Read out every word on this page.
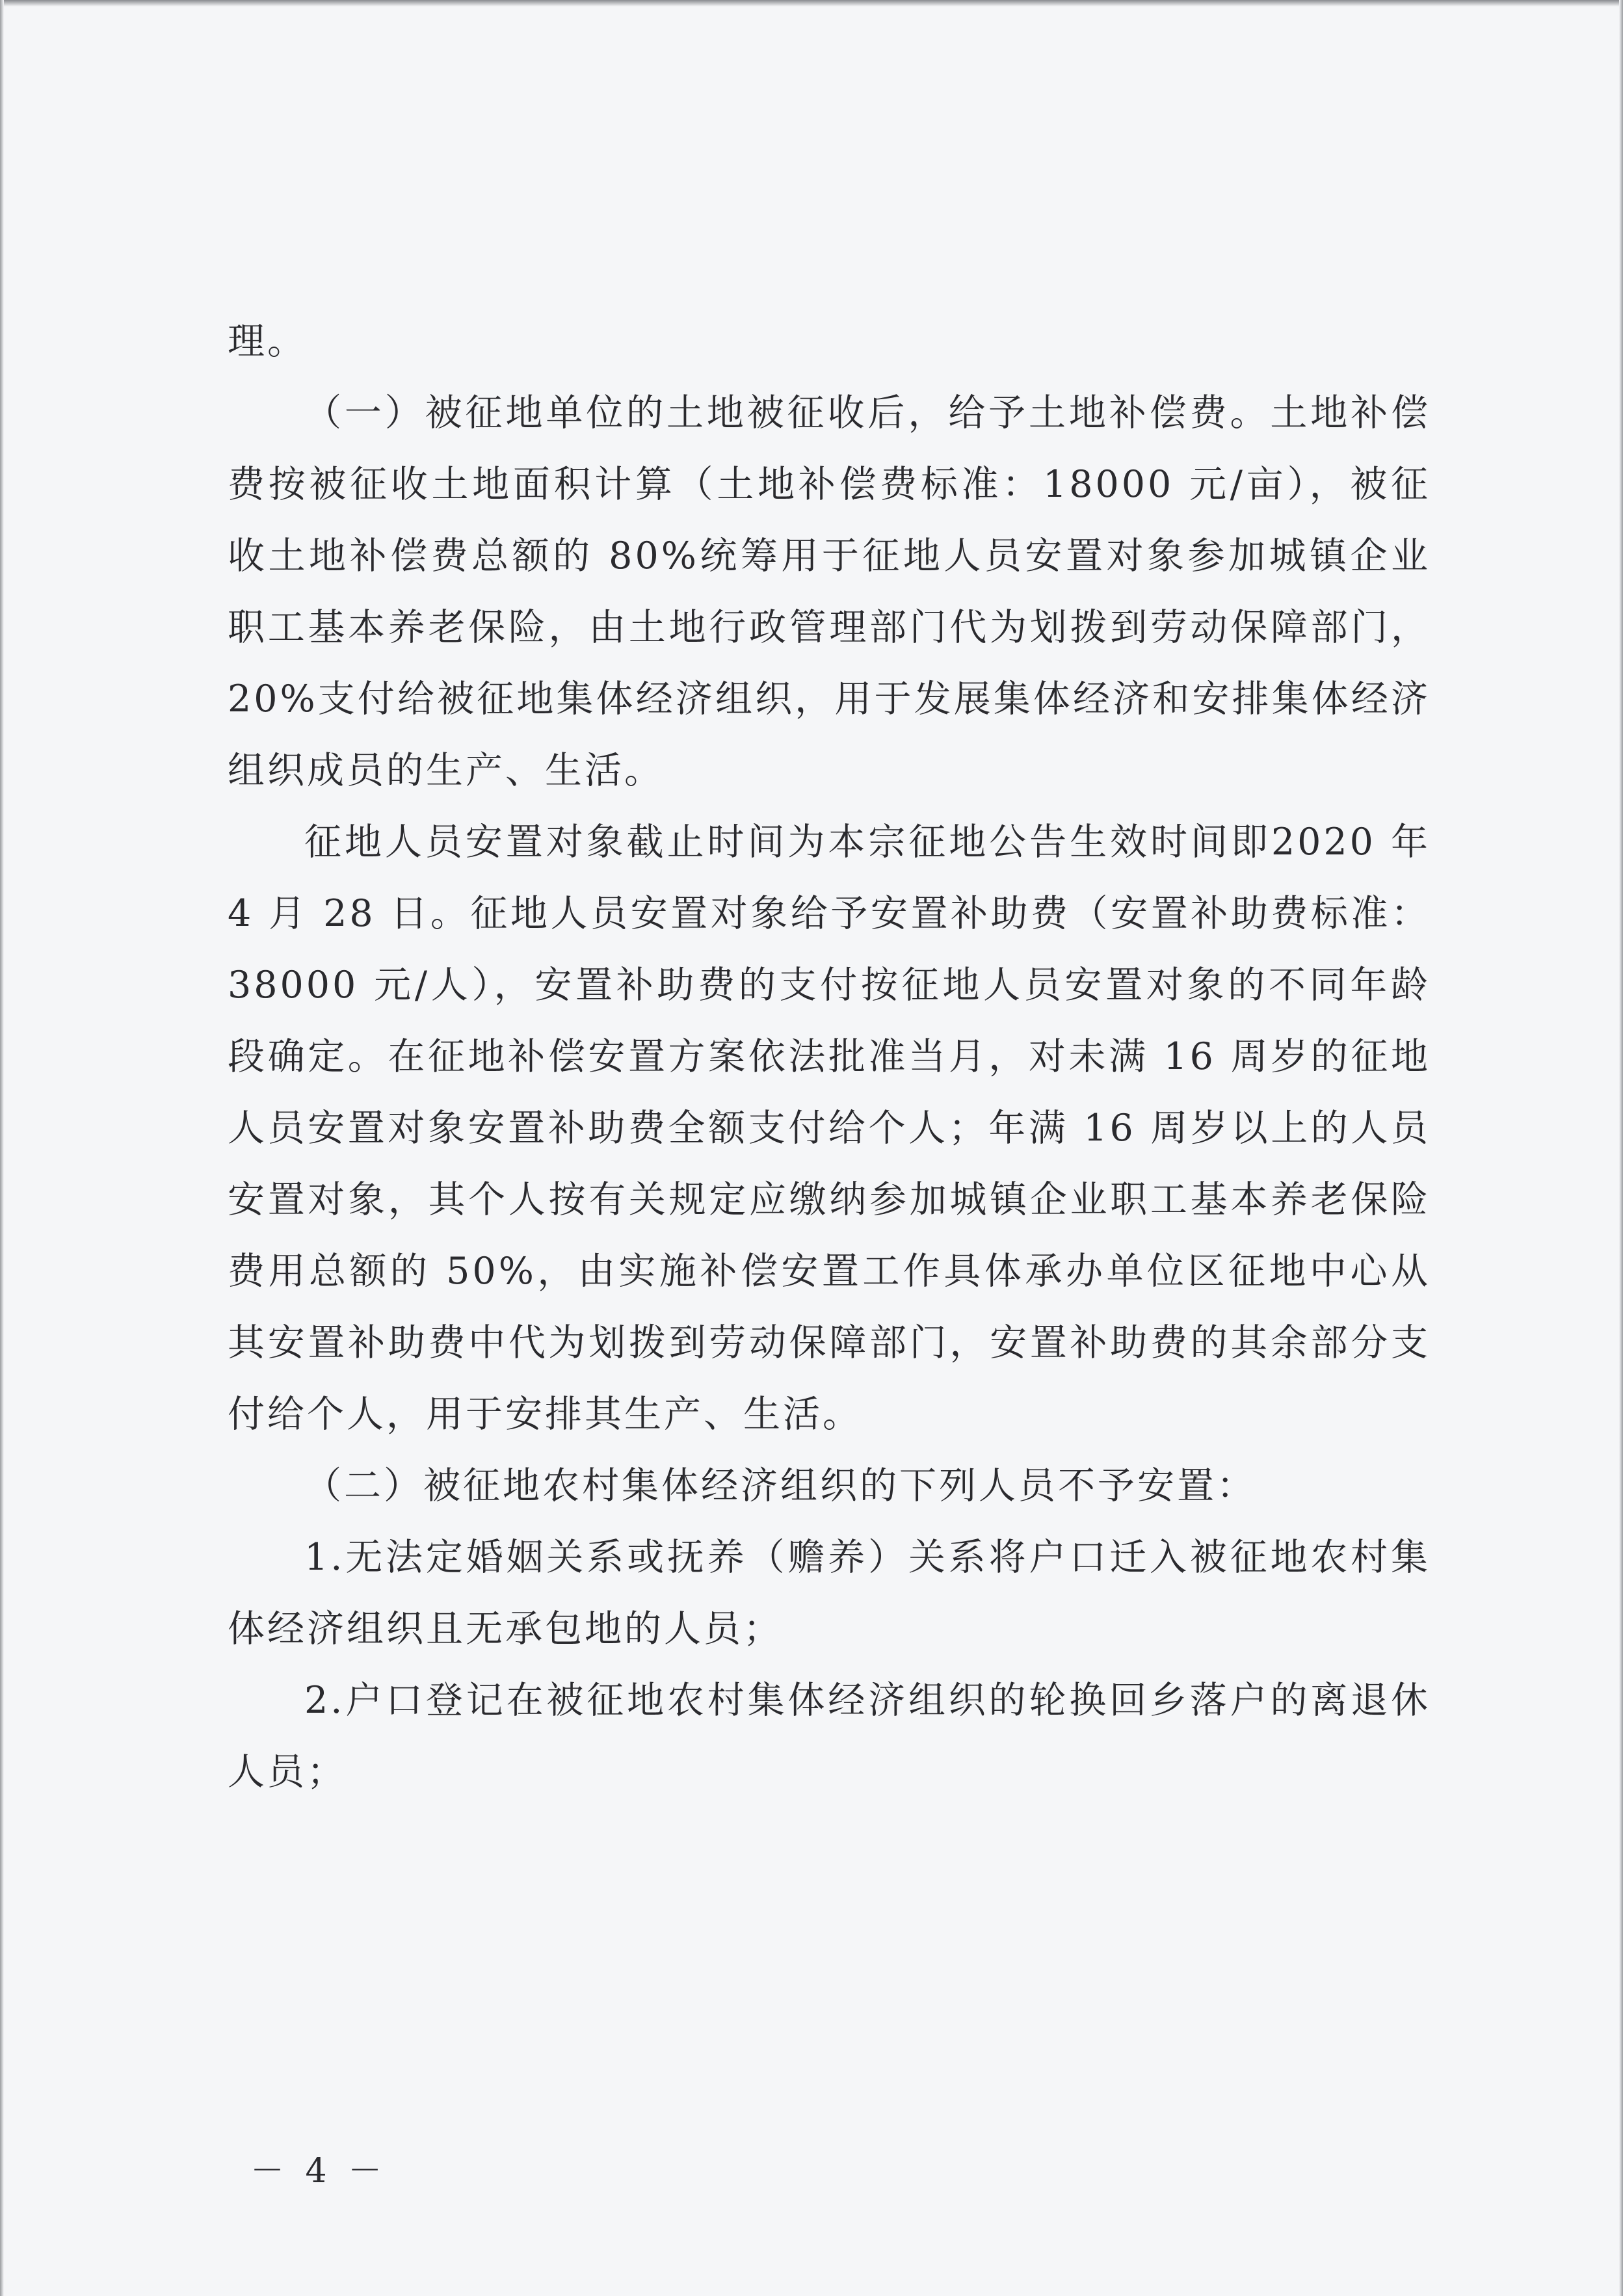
理。

（一）被征地单位的土地被征收后，给予土地补偿费。土地补偿费按被征收土地面积计算（土地补偿费标准：18000 元/亩），被征收土地补偿费总额的 80%统筹用于征地人员安置对象参加城镇企业职工基本养老保险，由土地行政管理部门代为划拨到劳动保障部门，20%支付给被征地集体经济组织，用于发展集体经济和安排集体经济组织成员的生产、生活。

征地人员安置对象截止时间为本宗征地公告生效时间即2020 年 4 月 28 日。征地人员安置对象给予安置补助费（安置补助费标准：38000 元/人），安置补助费的支付按征地人员安置对象的不同年龄段确定。在征地补偿安置方案依法批准当月，对未满 16 周岁的征地人员安置对象安置补助费全额支付给个人；年满 16 周岁以上的人员安置对象，其个人按有关规定应缴纳参加城镇企业职工基本养老保险费用总额的 50%，由实施补偿安置工作具体承办单位区征地中心从其安置补助费中代为划拨到劳动保障部门，安置补助费的其余部分支付给个人，用于安排其生产、生活。

（二）被征地农村集体经济组织的下列人员不予安置：

1.无法定婚姻关系或抚养（赡养）关系将户口迁入被征地农村集体经济组织且无承包地的人员；

2.户口登记在被征地农村集体经济组织的轮换回乡落户的离退休人员；

－ 4 －
